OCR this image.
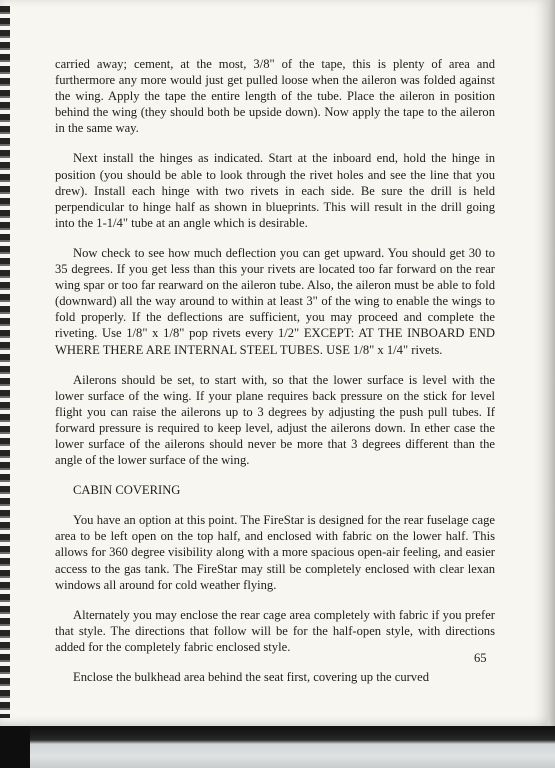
carried away; cement, at the most, 3/8" of the tape, this is plenty of area and furthermore any more would just get pulled loose when the aileron was folded against the wing. Apply the tape the entire length of the tube. Place the aileron in position behind the wing (they should both be upside down). Now apply the tape to the aileron in the same way.

Next install the hinges as indicated. Start at the inboard end, hold the hinge in position (you should be able to look through the rivet holes and see the line that you drew). Install each hinge with two rivets in each side. Be sure the drill is held perpendicular to hinge half as shown in blueprints. This will result in the drill going into the 1-1/4" tube at an angle which is desirable.

Now check to see how much deflection you can get upward. You should get 30 to 35 degrees. If you get less than this your rivets are located too far forward on the rear wing spar or too far rearward on the aileron tube. Also, the aileron must be able to fold (downward) all the way around to within at least 3" of the wing to enable the wings to fold properly. If the deflections are sufficient, you may proceed and complete the riveting. Use 1/8" x 1/8" pop rivets every 1/2" EXCEPT: AT THE INBOARD END WHERE THERE ARE INTERNAL STEEL TUBES. USE 1/8" x 1/4" rivets.

Ailerons should be set, to start with, so that the lower surface is level with the lower surface of the wing. If your plane requires back pressure on the stick for level flight you can raise the ailerons up to 3 degrees by adjusting the push pull tubes. If forward pressure is required to keep level, adjust the ailerons down. In ether case the lower surface of the ailerons should never be more that 3 degrees different than the angle of the lower surface of the wing.

CABIN COVERING

You have an option at this point. The FireStar is designed for the rear fuselage cage area to be left open on the top half, and enclosed with fabric on the lower half. This allows for 360 degree visibility along with a more spacious open-air feeling, and easier access to the gas tank. The FireStar may still be completely enclosed with clear lexan windows all around for cold weather flying.

Alternately you may enclose the rear cage area completely with fabric if you prefer that style. The directions that follow will be for the half-open style, with directions added for the completely fabric enclosed style.

Enclose the bulkhead area behind the seat first, covering up the curved

65
